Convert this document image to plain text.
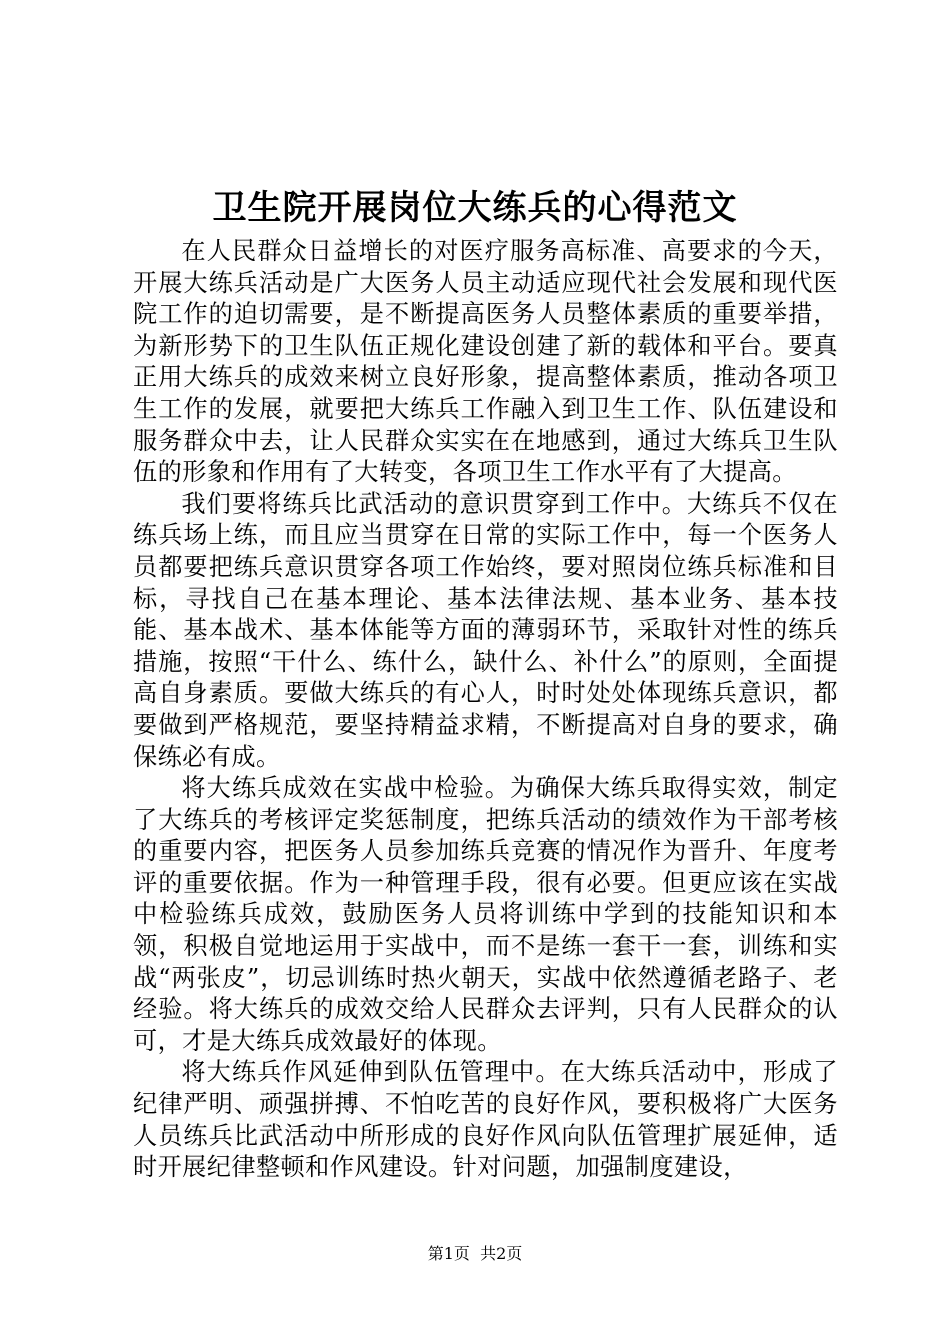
卫生院开展岗位大练兵的心得范文

在人民群众日益增长的对医疗服务高标准、高要求的今天，开展大练兵活动是广大医务人员主动适应现代社会发展和现代医院工作的迫切需要，是不断提高医务人员整体素质的重要举措，为新形势下的卫生队伍正规化建设创建了新的载体和平台。要真正用大练兵的成效来树立良好形象，提高整体素质，推动各项卫生工作的发展，就要把大练兵工作融入到卫生工作、队伍建设和服务群众中去，让人民群众实实在在地感到，通过大练兵卫生队伍的形象和作用有了大转变，各项卫生工作水平有了大提高。

我们要将练兵比武活动的意识贯穿到工作中。大练兵不仅在练兵场上练，而且应当贯穿在日常的实际工作中，每一个医务人员都要把练兵意识贯穿各项工作始终，要对照岗位练兵标准和目标，寻找自己在基本理论、基本法律法规、基本业务、基本技能、基本战术、基本体能等方面的薄弱环节，采取针对性的练兵措施，按照“干什么、练什么，缺什么、补什么”的原则，全面提高自身素质。要做大练兵的有心人，时时处处体现练兵意识，都要做到严格规范，要坚持精益求精，不断提高对自身的要求，确保练必有成。

将大练兵成效在实战中检验。为确保大练兵取得实效，制定了大练兵的考核评定奖惩制度，把练兵活动的绩效作为干部考核的重要内容，把医务人员参加练兵竞赛的情况作为晋升、年度考评的重要依据。作为一种管理手段，很有必要。但更应该在实战中检验练兵成效，鼓励医务人员将训练中学到的技能知识和本领，积极自觉地运用于实战中，而不是练一套干一套，训练和实战“两张皮”，切忌训练时热火朝天，实战中依然遵循老路子、老经验。将大练兵的成效交给人民群众去评判，只有人民群众的认可，才是大练兵成效最好的体现。

将大练兵作风延伸到队伍管理中。在大练兵活动中，形成了纪律严明、顽强拼搏、不怕吃苦的良好作风，要积极将广大医务人员练兵比武活动中所形成的良好作风向队伍管理扩展延伸，适时开展纪律整顿和作风建设。针对问题，加强制度建设，

第1页  共2页
